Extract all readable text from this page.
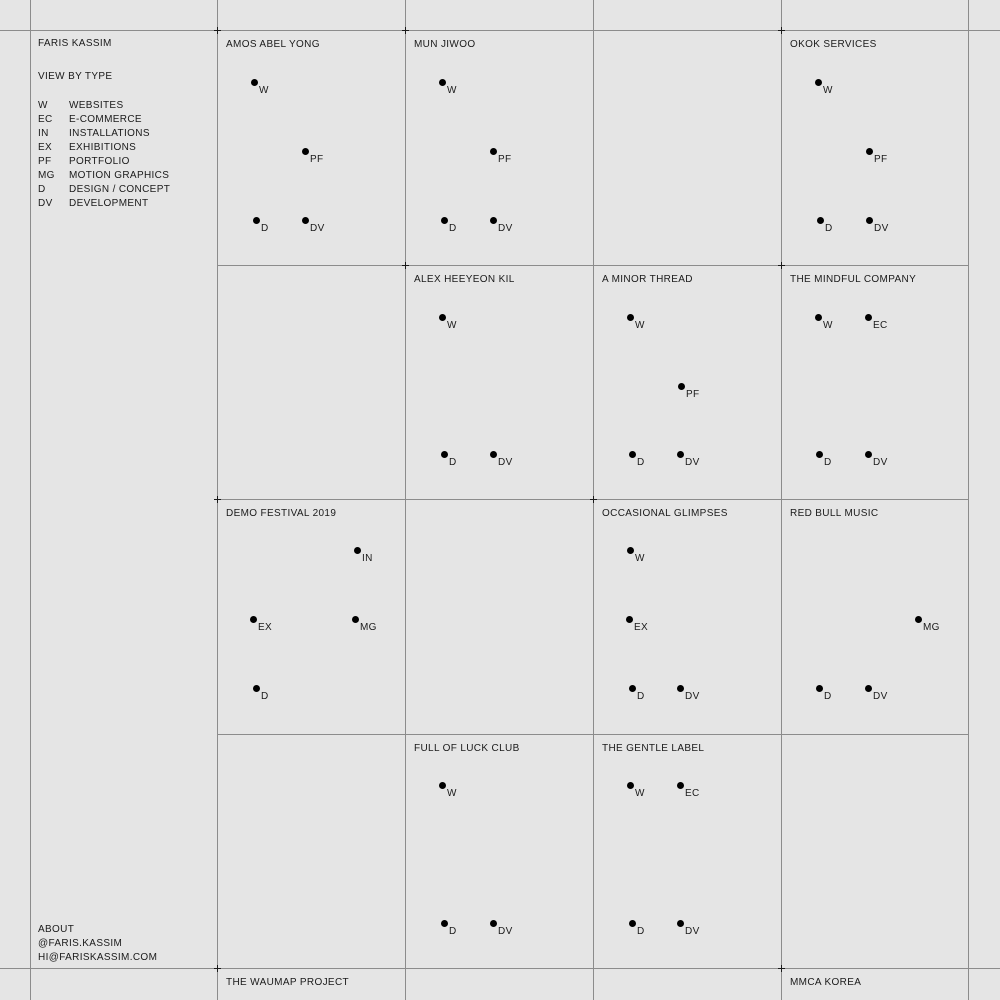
FARIS KASSIM
VIEW BY TYPE
W	WEBSITES
EC	E-COMMERCE
IN	INSTALLATIONS
EX	EXHIBITIONS
PF	PORTFOLIO
MG	MOTION GRAPHICS
D	DESIGN / CONCEPT
DV	DEVELOPMENT
ABOUT
@FARIS.KASSIM
HI@FARISKASSIM.COM
AMOS ABEL YONG
W
PF
D	DV
MUN JIWOO
W
PF
D	DV
OKOK SERVICES
W
PF
D	DV
ALEX HEEYEON KIL
W
D	DV
A MINOR THREAD
W
PF
D	DV
THE MINDFUL COMPANY
W	EC
D	DV
DEMO FESTIVAL 2019
IN
EX	MG
D
OCCASIONAL GLIMPSES
W
EX
D	DV
RED BULL MUSIC
MG
D	DV
FULL OF LUCK CLUB
W
D	DV
THE GENTLE LABEL
W	EC
D	DV
THE WAUMAP PROJECT	MMCA KOREA
